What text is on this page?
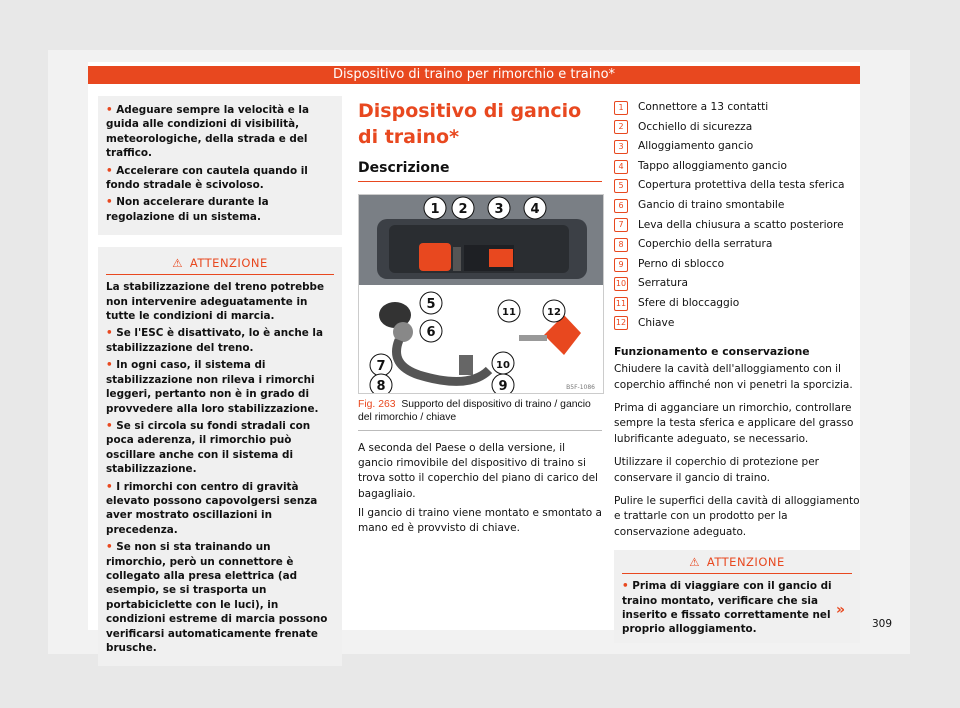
Dispositivo di traino per rimorchio e traino*

• Adeguare sempre la velocità e la guida alle condizioni di visibilità, meteorologiche, della strada e del traffico.

• Accelerare con cautela quando il fondo stradale è scivoloso.

• Non accelerare durante la regolazione di un sistema.

⚠ ATTENZIONE

La stabilizzazione del treno potrebbe non intervenire adeguatamente in tutte le condizioni di marcia.

• Se l'ESC è disattivato, lo è anche la stabilizzazione del treno.

• In ogni caso, il sistema di stabilizzazione non rileva i rimorchi leggeri, pertanto non è in grado di provvedere alla loro stabilizzazione.

• Se si circola su fondi stradali con poca aderenza, il rimorchio può oscillare anche con il sistema di stabilizzazione.

• I rimorchi con centro di gravità elevato possono capovolgersi senza aver mostrato oscillazioni in precedenza.

• Se non si sta trainando un rimorchio, però un connettore è collegato alla presa elettrica (ad esempio, se si trasporta un portabiciclette con le luci), in condizioni estreme di marcia possono verificarsi automaticamente frenate brusche.

Dispositivo di gancio di traino*
Descrizione
1 2 3 4
5
6
7
8	9
10
11	12
B5F-1086
Fig. 263 Supporto del dispositivo di traino / gancio del rimorchio / chiave

A seconda del Paese o della versione, il gancio rimovibile del dispositivo di traino si trova sotto il coperchio del piano di carico del bagagliaio.

Il gancio di traino viene montato e smontato a mano ed è provvisto di chiave.

1	Connettore a 13 contatti
2	Occhiello di sicurezza
3	Alloggiamento gancio
4	Tappo alloggiamento gancio
5	Copertura protettiva della testa sferica
6	Gancio di traino smontabile
7	Leva della chiusura a scatto posteriore
8	Coperchio della serratura
9	Perno di sblocco
10 Serratura
11 Sfere di bloccaggio
12 Chiave

Funzionamento e conservazione

Chiudere la cavità dell'alloggiamento con il coperchio affinché non vi penetri la sporcizia.

Prima di agganciare un rimorchio, controllare sempre la testa sferica e applicare del grasso lubrificante adeguato, se necessario.

Utilizzare il coperchio di protezione per conservare il gancio di traino.

Pulire le superfici della cavità di alloggiamento e trattarle con un prodotto per la conservazione adeguato.

⚠ ATTENZIONE

• Prima di viaggiare con il gancio di traino montato, verificare che sia inserito e fissato correttamente nel proprio alloggiamento.

»
309
